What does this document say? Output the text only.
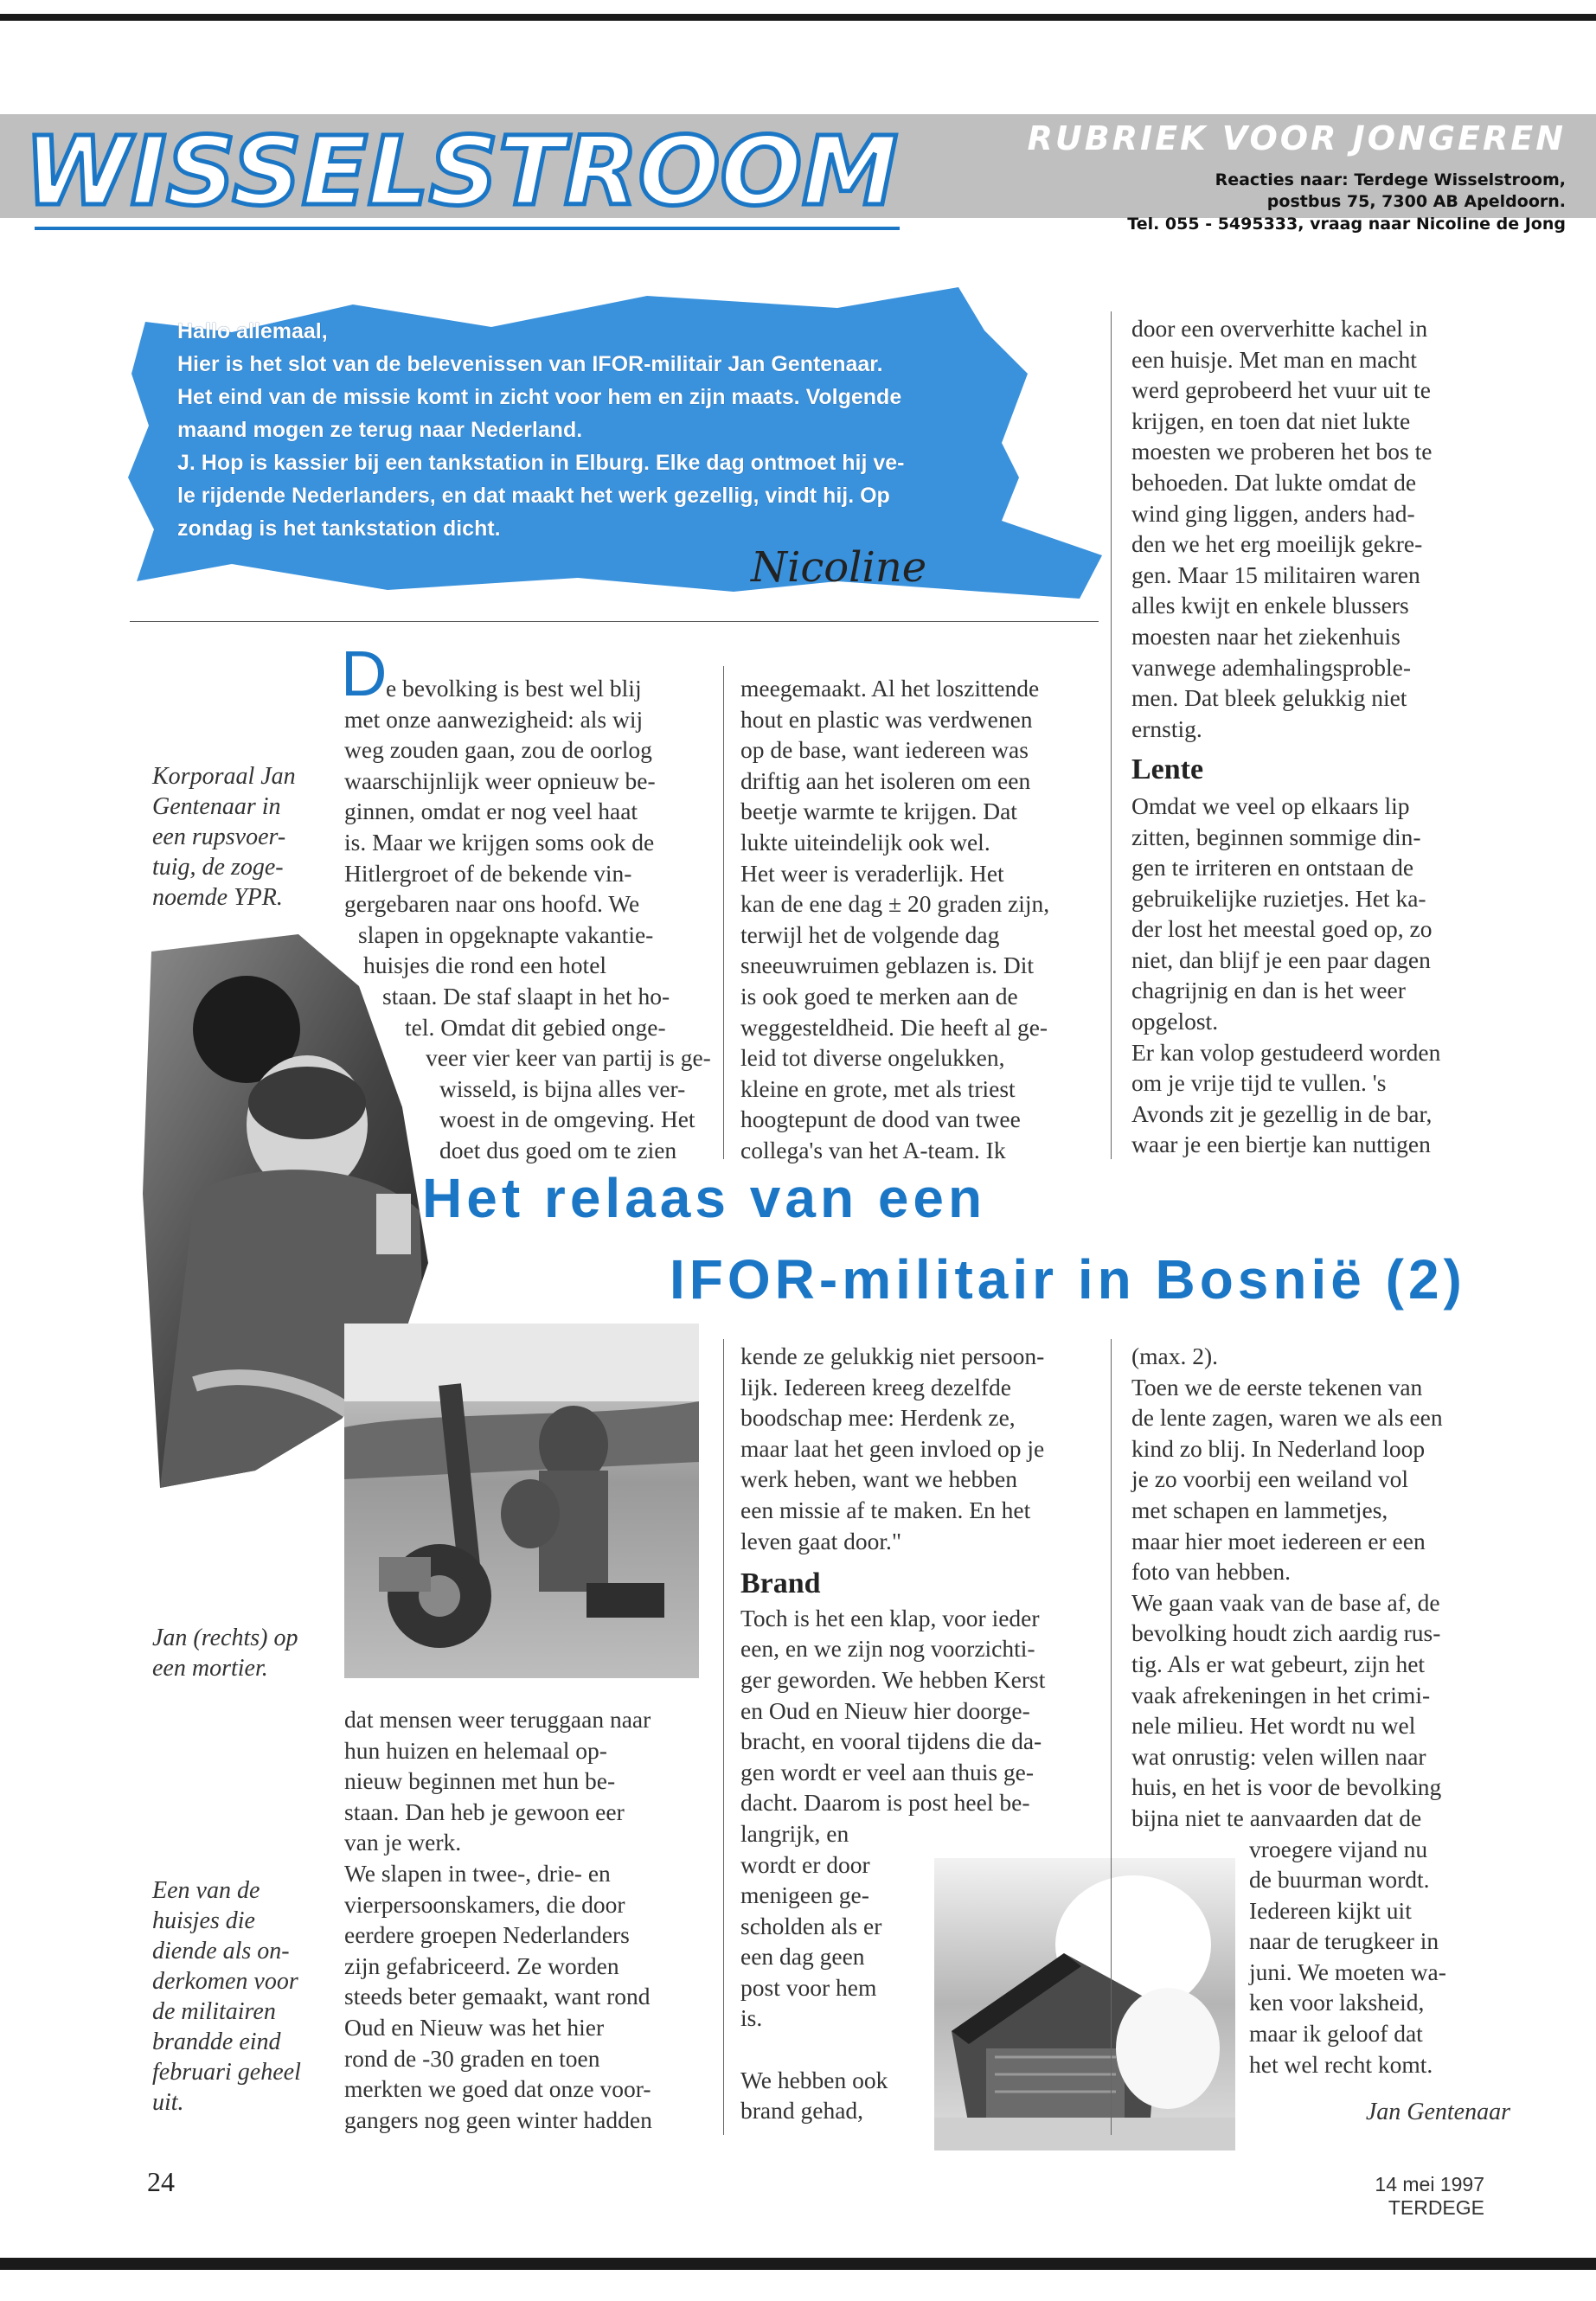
WISSELSTROOM	RUBRIEK VOOR JONGEREN
Reacties naar: Terdege Wisselstroom,
postbus 75, 7300 AB Apeldoorn.
Tel. 055 - 5495333, vraag naar Nicoline de Jong
Hallo allemaal,
Hier is het slot van de belevenissen van IFOR-militair Jan Gentenaar.
Het eind van de missie komt in zicht voor hem en zijn maats. Volgende
maand mogen ze terug naar Nederland.
J. Hop is kassier bij een tankstation in Elburg. Elke dag ontmoet hij ve-
le rijdende Nederlanders, en dat maakt het werk gezellig, vindt hij. Op
zondag is het tankstation dicht.
Nicoline
Korporaal Jan
Gentenaar in
een rupsvoer-
tuig, de zoge-
noemde YPR.
Jan (rechts) op
een mortier.
Een van de
huisjes die
diende als on-
derkomen voor
de militairen
brandde eind
februari geheel
uit.
D
e bevolking is best wel blij
met onze aanwezigheid: als wij
weg zouden gaan, zou de oorlog
waarschijnlijk weer opnieuw be-
ginnen, omdat er nog veel haat
is. Maar we krijgen soms ook de
Hitlergroet of de bekende vin-
gergebaren naar ons hoofd. We
slapen in opgeknapte vakantie-
huisjes die rond een hotel
staan. De staf slaapt in het ho-
tel. Omdat dit gebied onge-
veer vier keer van partij is ge-
wisseld, is bijna alles ver-
woest in de omgeving. Het
doet dus goed om te zien
meegemaakt. Al het loszittende
hout en plastic was verdwenen
op de base, want iedereen was
driftig aan het isoleren om een
beetje warmte te krijgen. Dat
lukte uiteindelijk ook wel.
Het weer is veraderlijk. Het
kan de ene dag ± 20 graden zijn,
terwijl het de volgende dag
sneeuwruimen geblazen is. Dit
is ook goed te merken aan de
weggesteldheid. Die heeft al ge-
leid tot diverse ongelukken,
kleine en grote, met als triest
hoogtepunt de dood van twee
collega's van het A-team. Ik
door een oververhitte kachel in
een huisje. Met man en macht
werd geprobeerd het vuur uit te
krijgen, en toen dat niet lukte
moesten we proberen het bos te
behoeden. Dat lukte omdat de
wind ging liggen, anders had-
den we het erg moeilijk gekre-
gen. Maar 15 militairen waren
alles kwijt en enkele blussers
moesten naar het ziekenhuis
vanwege ademhalingsproble-
men. Dat bleek gelukkig niet
ernstig.
Lente
Omdat we veel op elkaars lip
zitten, beginnen sommige din-
gen te irriteren en ontstaan de
gebruikelijke ruzietjes. Het ka-
der lost het meestal goed op, zo
niet, dan blijf je een paar dagen
chagrijnig en dan is het weer
opgelost.
Er kan volop gestudeerd worden
om je vrije tijd te vullen. 's
Avonds zit je gezellig in de bar,
waar je een biertje kan nuttigen
Het relaas van een
IFOR-militair in Bosnië (2)
dat mensen weer teruggaan naar
hun huizen en helemaal op-
nieuw beginnen met hun be-
staan. Dan heb je gewoon eer
van je werk.
We slapen in twee-, drie- en
vierpersoonskamers, die door
eerdere groepen Nederlanders
zijn gefabriceerd. Ze worden
steeds beter gemaakt, want rond
Oud en Nieuw was het hier
rond de -30 graden en toen
merkten we goed dat onze voor-
gangers nog geen winter hadden
kende ze gelukkig niet persoon-
lijk. Iedereen kreeg dezelfde
boodschap mee: Herdenk ze,
maar laat het geen invloed op je
werk heben, want we hebben
een missie af te maken. En het
leven gaat door."
Brand
Toch is het een klap, voor ieder
een, en we zijn nog voorzichti-
ger geworden. We hebben Kerst
en Oud en Nieuw hier doorge-
bracht, en vooral tijdens die da-
gen wordt er veel aan thuis ge-
dacht. Daarom is post heel be-
langrijk, en
wordt er door
menigeen ge-
scholden als er
een dag geen
post voor hem
is.
We hebben ook
brand gehad,
(max. 2).
Toen we de eerste tekenen van
de lente zagen, waren we als een
kind zo blij. In Nederland loop
je zo voorbij een weiland vol
met schapen en lammetjes,
maar hier moet iedereen er een
foto van hebben.
We gaan vaak van de base af, de
bevolking houdt zich aardig rus-
tig. Als er wat gebeurt, zijn het
vaak afrekeningen in het crimi-
nele milieu. Het wordt nu wel
wat onrustig: velen willen naar
huis, en het is voor de bevolking
bijna niet te aanvaarden dat de
vroegere vijand nu
de buurman wordt.
Iedereen kijkt uit
naar de terugkeer in
juni. We moeten wa-
ken voor laksheid,
maar ik geloof dat
het wel recht komt.
Jan Gentenaar
24	14 mei 1997 TERDEGE
